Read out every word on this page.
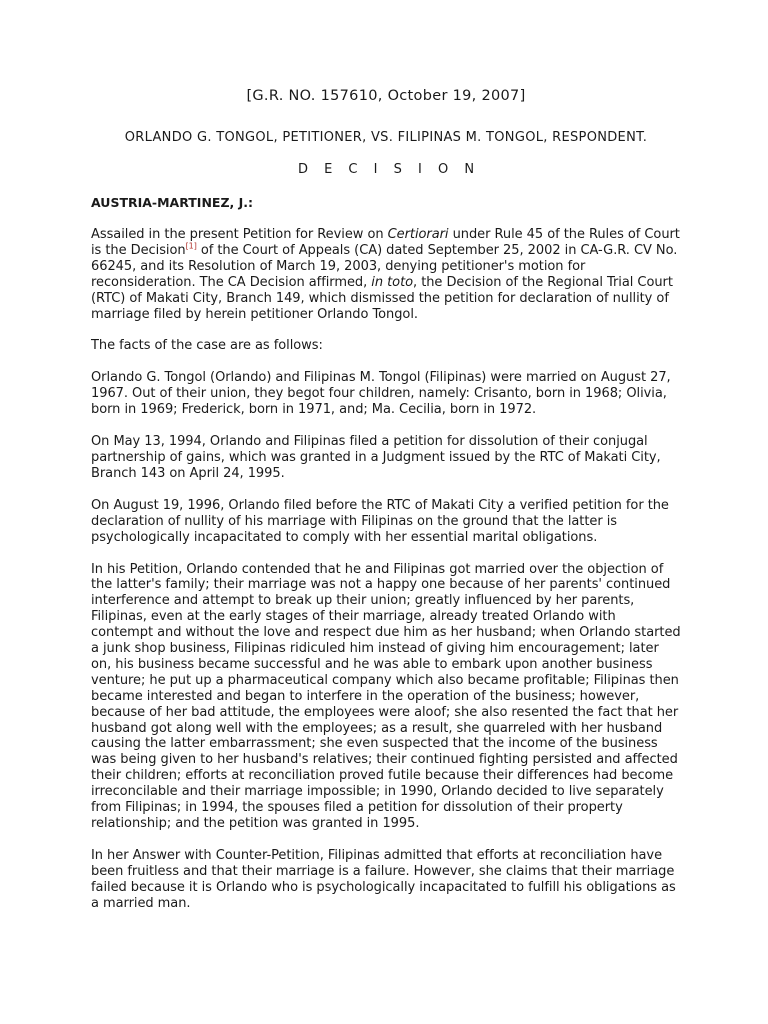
[G.R. NO. 157610, October 19, 2007]
ORLANDO G. TONGOL, PETITIONER, VS. FILIPINAS M. TONGOL, RESPONDENT.
D E C I S I O N
AUSTRIA-MARTINEZ, J.:

Assailed in the present Petition for Review on Certiorari under Rule 45 of the Rules of Court is the Decision[1] of the Court of Appeals (CA) dated September 25, 2002 in CA-G.R. CV No. 66245, and its Resolution of March 19, 2003, denying petitioner's motion for reconsideration. The CA Decision affirmed, in toto, the Decision of the Regional Trial Court (RTC) of Makati City, Branch 149, which dismissed the petition for declaration of nullity of marriage filed by herein petitioner Orlando Tongol.

The facts of the case are as follows:

Orlando G. Tongol (Orlando) and Filipinas M. Tongol (Filipinas) were married on August 27, 1967. Out of their union, they begot four children, namely: Crisanto, born in 1968; Olivia, born in 1969; Frederick, born in 1971, and; Ma. Cecilia, born in 1972.

On May 13, 1994, Orlando and Filipinas filed a petition for dissolution of their conjugal partnership of gains, which was granted in a Judgment issued by the RTC of Makati City, Branch 143 on April 24, 1995.

On August 19, 1996, Orlando filed before the RTC of Makati City a verified petition for the declaration of nullity of his marriage with Filipinas on the ground that the latter is psychologically incapacitated to comply with her essential marital obligations.

In his Petition, Orlando contended that he and Filipinas got married over the objection of the latter's family; their marriage was not a happy one because of her parents' continued interference and attempt to break up their union; greatly influenced by her parents, Filipinas, even at the early stages of their marriage, already treated Orlando with contempt and without the love and respect due him as her husband; when Orlando started a junk shop business, Filipinas ridiculed him instead of giving him encouragement; later on, his business became successful and he was able to embark upon another business venture; he put up a pharmaceutical company which also became profitable; Filipinas then became interested and began to interfere in the operation of the business; however, because of her bad attitude, the employees were aloof; she also resented the fact that her husband got along well with the employees; as a result, she quarreled with her husband causing the latter embarrassment; she even suspected that the income of the business was being given to her husband's relatives; their continued fighting persisted and affected their children; efforts at reconciliation proved futile because their differences had become irreconcilable and their marriage impossible; in 1990, Orlando decided to live separately from Filipinas; in 1994, the spouses filed a petition for dissolution of their property relationship; and the petition was granted in 1995.

In her Answer with Counter-Petition, Filipinas admitted that efforts at reconciliation have been fruitless and that their marriage is a failure. However, she claims that their marriage failed because it is Orlando who is psychologically incapacitated to fulfill his obligations as a married man.
